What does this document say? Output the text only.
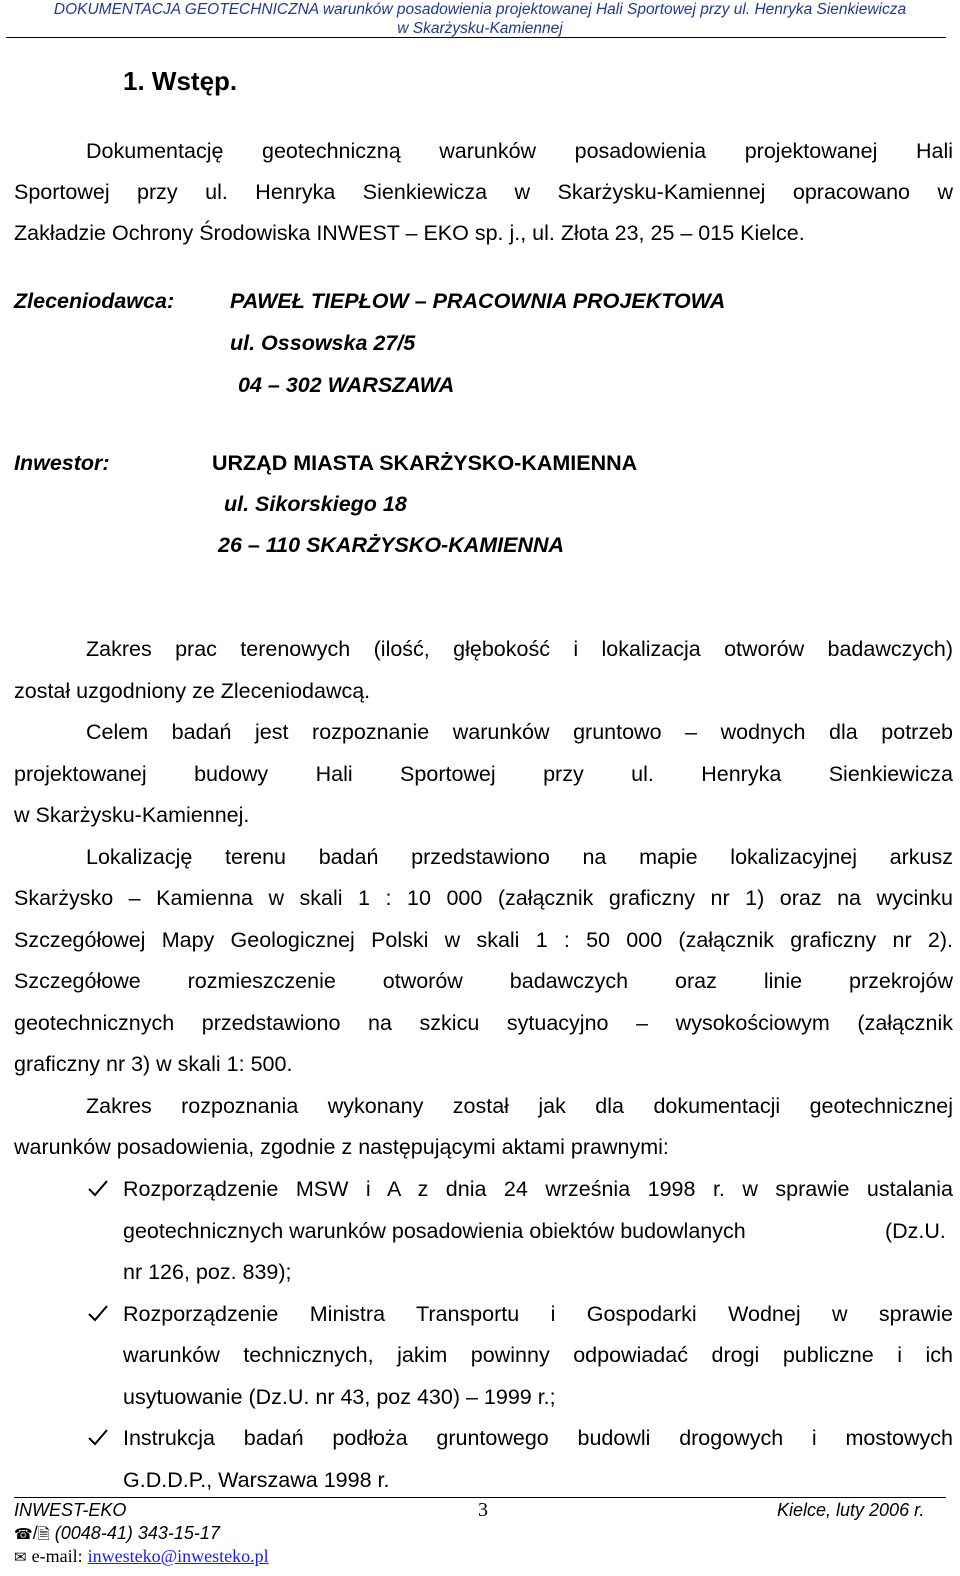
DOKUMENTACJA GEOTECHNICZNA warunków posadowienia projektowanej Hali Sportowej przy ul. Henryka Sienkiewicza
w Skarżysku-Kamiennej
1. Wstęp.
Dokumentację geotechniczną warunków posadowienia projektowanej Hali
Sportowej przy ul. Henryka Sienkiewicza w Skarżysku-Kamiennej opracowano w
Zakładzie Ochrony Środowiska INWEST – EKO sp. j., ul. Złota 23, 25 – 015 Kielce.
Zleceniodawca:	PAWEŁ TIEPŁOW – PRACOWNIA PROJEKTOWA
ul. Ossowska 27/5
04 – 302 WARSZAWA
Inwestor:	URZĄD MIASTA SKARŻYSKO-KAMIENNA
ul. Sikorskiego 18
26 – 110 SKARŻYSKO-KAMIENNA
Zakres prac terenowych (ilość, głębokość i lokalizacja otworów badawczych)
został uzgodniony ze Zleceniodawcą.
Celem badań jest rozpoznanie warunków gruntowo – wodnych dla potrzeb
projektowanej budowy Hali Sportowej przy ul. Henryka Sienkiewicza
w Skarżysku-Kamiennej.
Lokalizację terenu badań przedstawiono na mapie lokalizacyjnej arkusz
Skarżysko – Kamienna w skali 1 : 10 000 (załącznik graficzny nr 1) oraz na wycinku
Szczegółowej Mapy Geologicznej Polski w skali 1 : 50 000 (załącznik graficzny nr 2).
Szczegółowe rozmieszczenie otworów badawczych oraz linie przekrojów
geotechnicznych przedstawiono na szkicu sytuacyjno – wysokościowym (załącznik
graficzny nr 3) w skali 1: 500.
Zakres rozpoznania wykonany został jak dla dokumentacji geotechnicznej
warunków posadowienia, zgodnie z następującymi aktami prawnymi:
Rozporządzenie MSW i A z dnia 24 września 1998 r. w sprawie ustalania
geotechnicznych warunków posadowienia obiektów budowlanych	(Dz.U.
nr 126, poz. 839);
Rozporządzenie Ministra Transportu i Gospodarki Wodnej w sprawie
warunków technicznych, jakim powinny odpowiadać drogi publiczne i ich
usytuowanie (Dz.U. nr 43, poz 430) – 1999 r.;
Instrukcja badań podłoża gruntowego budowli drogowych i mostowych
G.D.D.P., Warszawa 1998 r.
INWEST-EKO	3	Kielce, luty 2006 r.
☎/🗎 (0048-41) 343-15-17
✉ e-mail: inwesteko@inwesteko.pl
